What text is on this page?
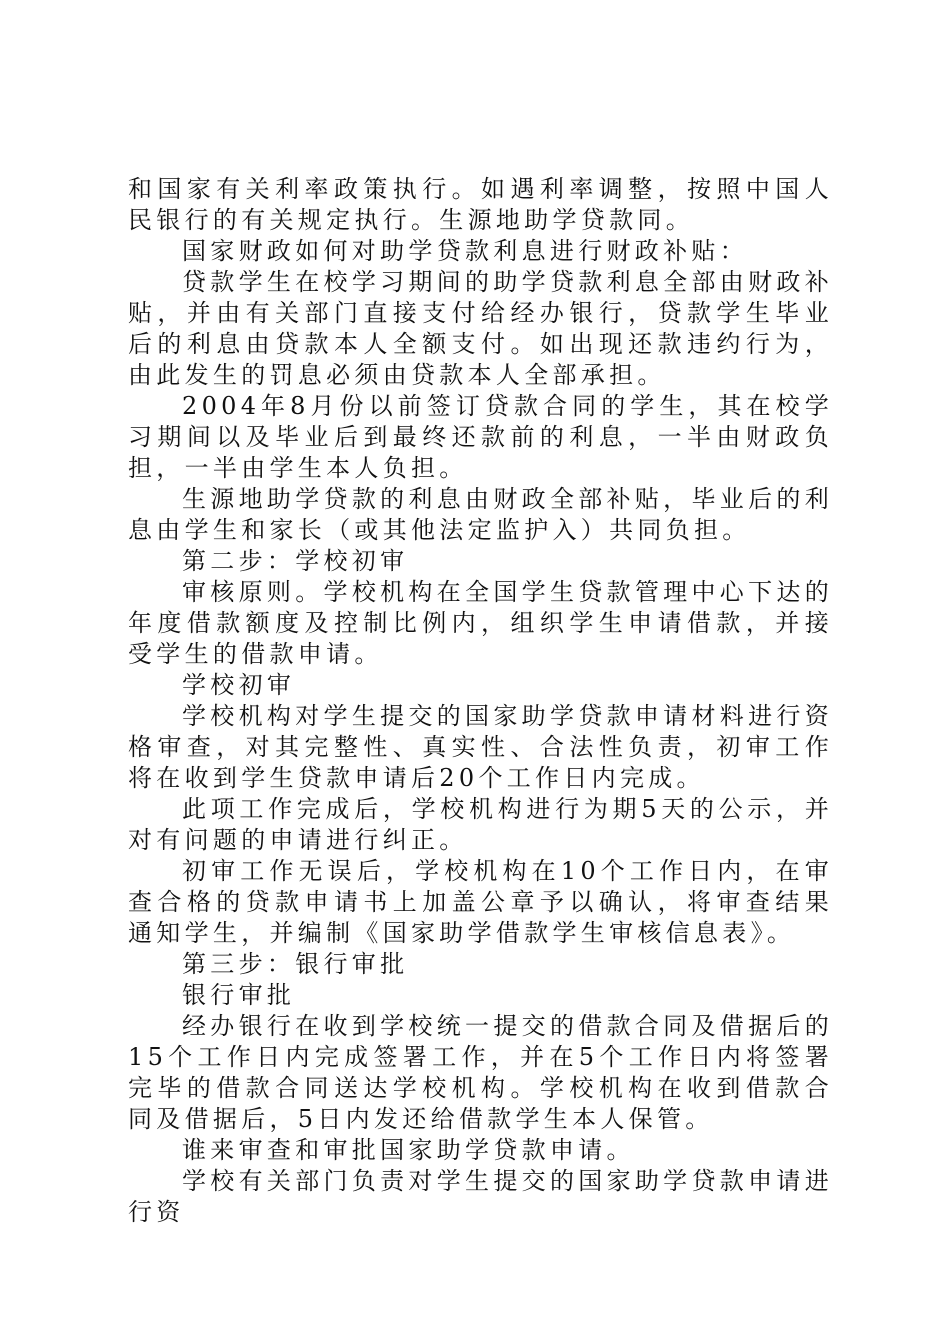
和国家有关利率政策执行。如遇利率调整，按照中国人民银行的有关规定执行。生源地助学贷款同。

国家财政如何对助学贷款利息进行财政补贴：

贷款学生在校学习期间的助学贷款利息全部由财政补贴，并由有关部门直接支付给经办银行，贷款学生毕业后的利息由贷款本人全额支付。如出现还款违约行为，由此发生的罚息必须由贷款本人全部承担。

2004年8月份以前签订贷款合同的学生，其在校学习期间以及毕业后到最终还款前的利息，一半由财政负担，一半由学生本人负担。

生源地助学贷款的利息由财政全部补贴，毕业后的利息由学生和家长（或其他法定监护入）共同负担。

第二步：学校初审

审核原则。学校机构在全国学生贷款管理中心下达的年度借款额度及控制比例内，组织学生申请借款，并接受学生的借款申请。

学校初审

学校机构对学生提交的国家助学贷款申请材料进行资格审查，对其完整性、真实性、合法性负责，初审工作将在收到学生贷款申请后20个工作日内完成。

此项工作完成后，学校机构进行为期5天的公示，并对有问题的申请进行纠正。

初审工作无误后，学校机构在10个工作日内，在审查合格的贷款申请书上加盖公章予以确认，将审查结果通知学生，并编制《国家助学借款学生审核信息表》。

第三步：银行审批

银行审批

经办银行在收到学校统一提交的借款合同及借据后的15个工作日内完成签署工作，并在5个工作日内将签署完毕的借款合同送达学校机构。学校机构在收到借款合同及借据后，5日内发还给借款学生本人保管。

谁来审查和审批国家助学贷款申请。

学校有关部门负责对学生提交的国家助学贷款申请进行资
